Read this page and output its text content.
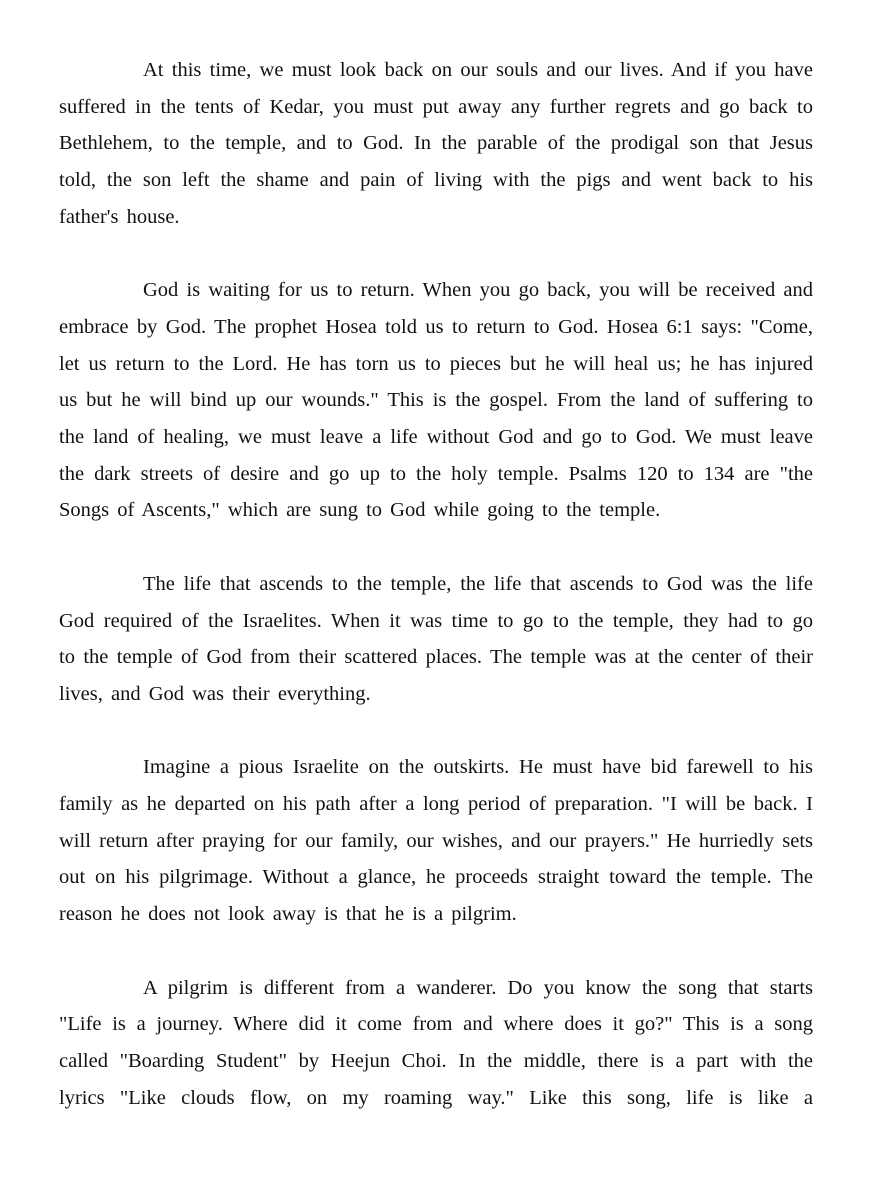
At this time, we must look back on our souls and our lives. And if you have suffered in the tents of Kedar, you must put away any further regrets and go back to Bethlehem, to the temple, and to God. In the parable of the prodigal son that Jesus told, the son left the shame and pain of living with the pigs and went back to his father's house.

God is waiting for us to return. When you go back, you will be received and embrace by God. The prophet Hosea told us to return to God. Hosea 6:1 says: "Come, let us return to the Lord. He has torn us to pieces but he will heal us; he has injured us but he will bind up our wounds." This is the gospel. From the land of suffering to the land of healing, we must leave a life without God and go to God. We must leave the dark streets of desire and go up to the holy temple. Psalms 120 to 134 are "the Songs of Ascents," which are sung to God while going to the temple.

The life that ascends to the temple, the life that ascends to God was the life God required of the Israelites. When it was time to go to the temple, they had to go to the temple of God from their scattered places. The temple was at the center of their lives, and God was their everything.

Imagine a pious Israelite on the outskirts. He must have bid farewell to his family as he departed on his path after a long period of preparation. "I will be back. I will return after praying for our family, our wishes, and our prayers." He hurriedly sets out on his pilgrimage. Without a glance, he proceeds straight toward the temple. The reason he does not look away is that he is a pilgrim.

A pilgrim is different from a wanderer. Do you know the song that starts "Life is a journey. Where did it come from and where does it go?" This is a song called "Boarding Student" by Heejun Choi. In the middle, there is a part with the lyrics "Like clouds flow, on my roaming way." Like this song, life is like a
